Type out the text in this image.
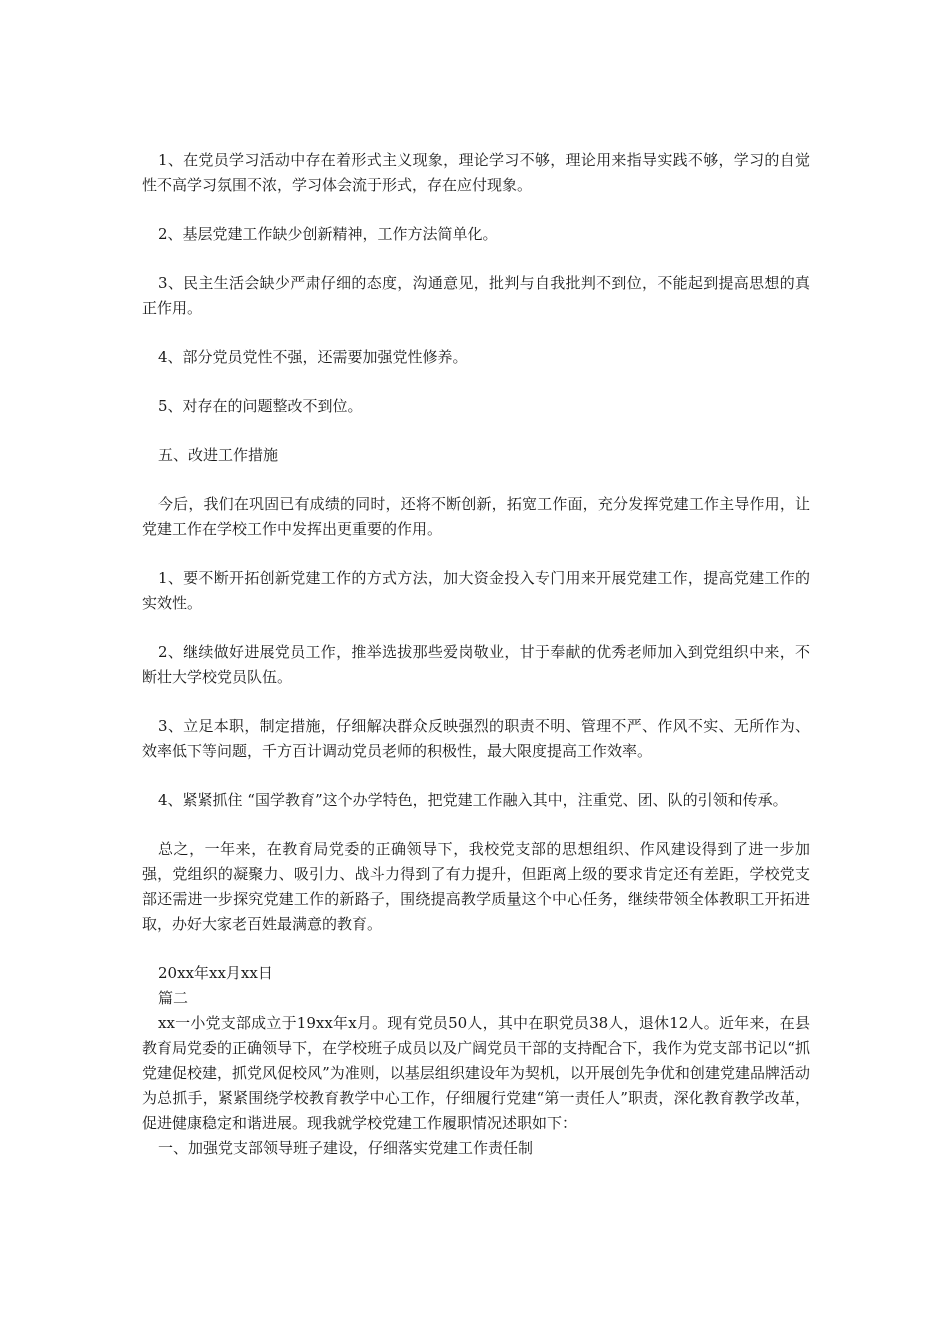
1、在党员学习活动中存在着形式主义现象，理论学习不够，理论用来指导实践不够，学习的自觉性不高学习氛围不浓，学习体会流于形式，存在应付现象。

2、基层党建工作缺少创新精神，工作方法简单化。

3、民主生活会缺少严肃仔细的态度，沟通意见，批判与自我批判不到位，不能起到提高思想的真正作用。

4、部分党员党性不强，还需要加强党性修养。

5、对存在的问题整改不到位。

五、改进工作措施

今后，我们在巩固已有成绩的同时，还将不断创新，拓宽工作面，充分发挥党建工作主导作用，让党建工作在学校工作中发挥出更重要的作用。

1、要不断开拓创新党建工作的方式方法，加大资金投入专门用来开展党建工作，提高党建工作的实效性。

2、继续做好进展党员工作，推举选拔那些爱岗敬业，甘于奉献的优秀老师加入到党组织中来，不断壮大学校党员队伍。

3、立足本职，制定措施，仔细解决群众反映强烈的职责不明、管理不严、作风不实、无所作为、效率低下等问题，千方百计调动党员老师的积极性，最大限度提高工作效率。

4、紧紧抓住 “国学教育”这个办学特色，把党建工作融入其中，注重党、团、队的引领和传承。

总之，一年来，在教育局党委的正确领导下，我校党支部的思想组织、作风建设得到了进一步加强，党组织的凝聚力、吸引力、战斗力得到了有力提升，但距离上级的要求肯定还有差距，学校党支部还需进一步探究党建工作的新路子，围绕提高教学质量这个中心任务，继续带领全体教职工开拓进取，办好大家老百姓最满意的教育。

20xx年xx月xx日

篇二

xx一小党支部成立于19xx年x月。现有党员50人，其中在职党员38人，退休12人。近年来，在县教育局党委的正确领导下，在学校班子成员以及广阔党员干部的支持配合下，我作为党支部书记以“抓党建促校建，抓党风促校风”为准则，以基层组织建设年为契机，以开展创先争优和创建党建品牌活动为总抓手，紧紧围绕学校教育教学中心工作，仔细履行党建“第一责任人”职责，深化教育教学改革，促进健康稳定和谐进展。现我就学校党建工作履职情况述职如下：

一、加强党支部领导班子建设，仔细落实党建工作责任制
